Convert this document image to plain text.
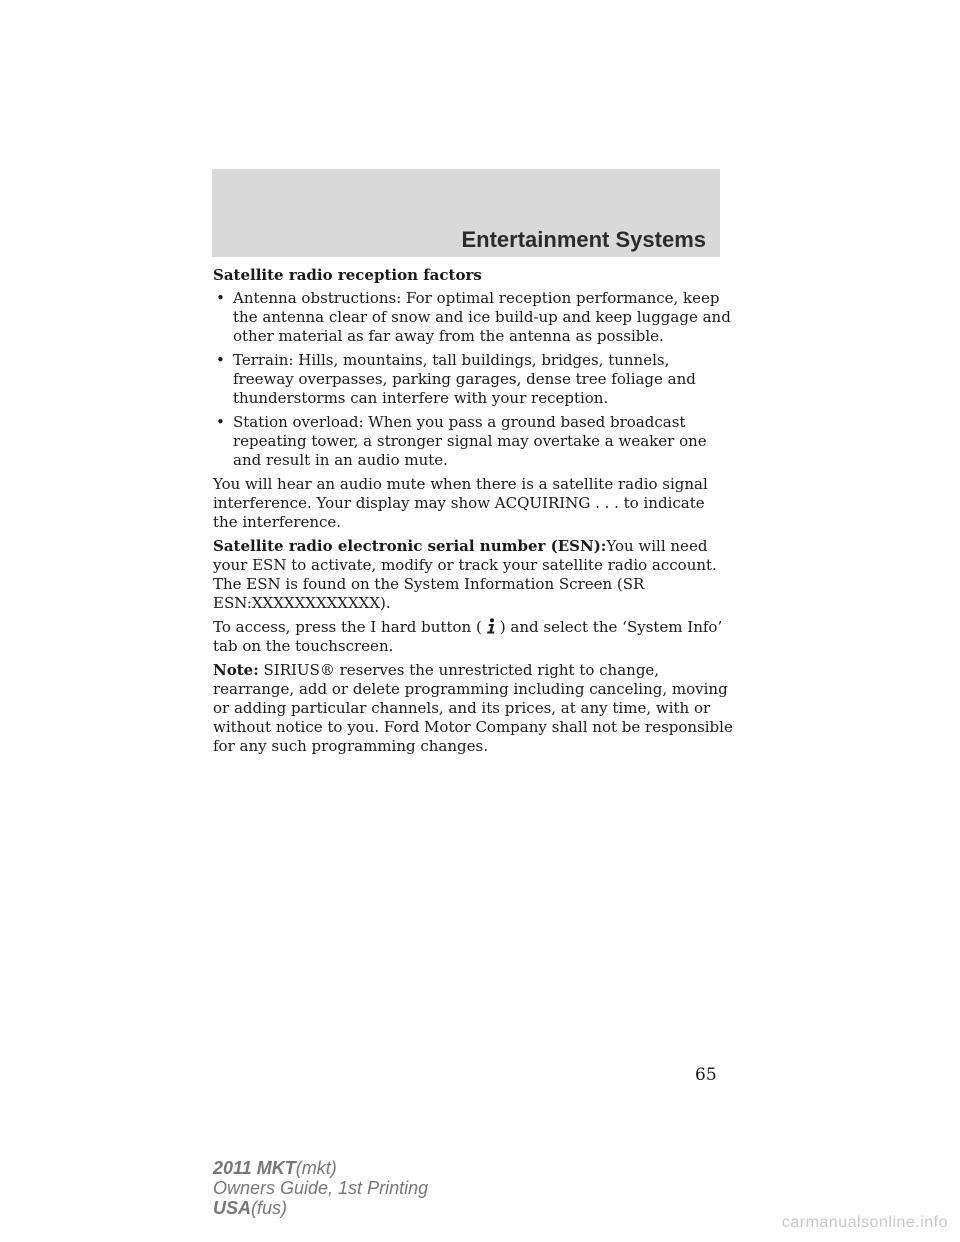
Entertainment Systems

Satellite radio reception factors

• Antenna obstructions: For optimal reception performance, keep the antenna clear of snow and ice build-up and keep luggage and other material as far away from the antenna as possible.
• Terrain: Hills, mountains, tall buildings, bridges, tunnels, freeway overpasses, parking garages, dense tree foliage and thunderstorms can interfere with your reception.
• Station overload: When you pass a ground based broadcast repeating tower, a stronger signal may overtake a weaker one and result in an audio mute.

You will hear an audio mute when there is a satellite radio signal interference. Your display may show ACQUIRING . . . to indicate the interference.

Satellite radio electronic serial number (ESN):You will need your ESN to activate, modify or track your satellite radio account. The ESN is found on the System Information Screen (SR ESN:XXXXXXXXXXXX).

To access, press the I hard button ( ) and select the ‘System Info’ tab on the touchscreen.

Note: SIRIUS® reserves the unrestricted right to change, rearrange, add or delete programming including canceling, moving or adding particular channels, and its prices, at any time, with or without notice to you. Ford Motor Company shall not be responsible for any such programming changes.

65
2011 MKT(mkt)
Owners Guide, 1st Printing
USA(fus)
carmanualsonline.info
